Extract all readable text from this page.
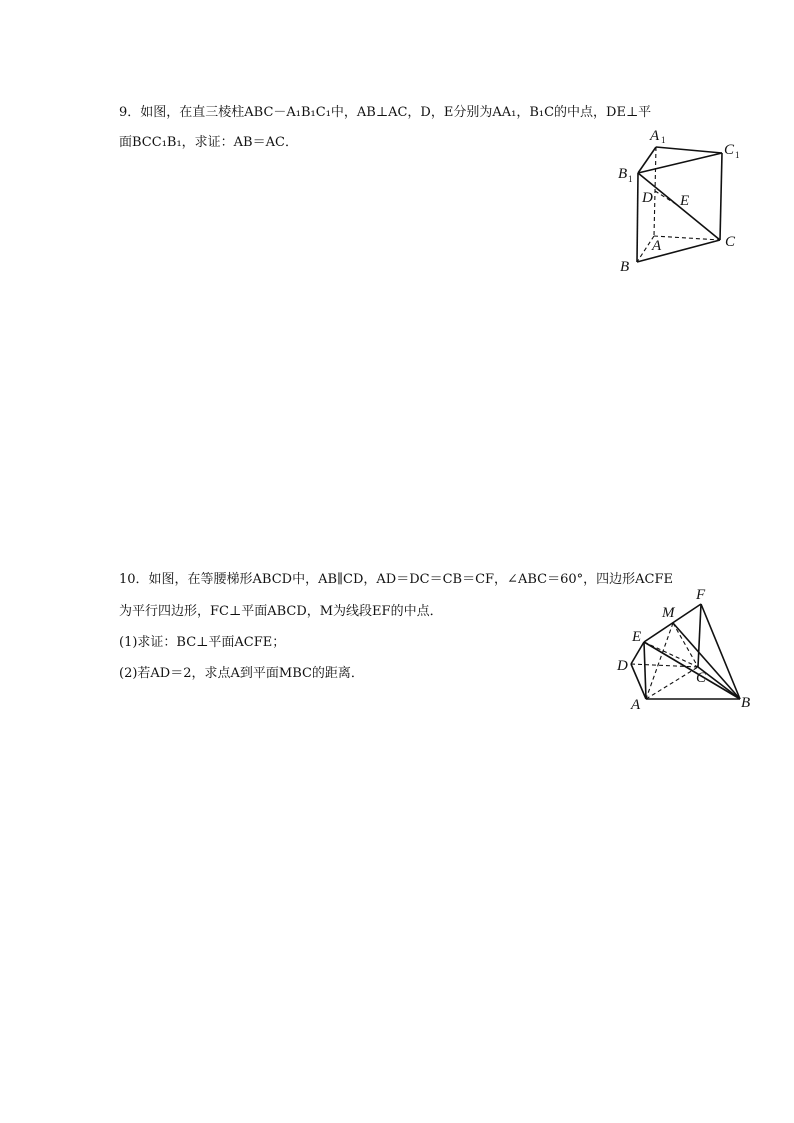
9．如图，在直三棱柱ABC－A₁B₁C₁中，AB⊥AC，D，E分别为AA₁，B₁C的中点，DE⊥平
面BCC₁B₁，求证：AB＝AC．	A 1
C 1
B 1
D E
A	C
B
10．如图，在等腰梯形ABCD中，AB∥CD，AD＝DC＝CB＝CF，∠ABC＝60°，四边形ACFE
为平行四边形，FC⊥平面ABCD，M为线段EF的中点．
(1)求证：BC⊥平面ACFE；
(2)若AD＝2，求点A到平面MBC的距离．
F
M
E
D
C
A	B
